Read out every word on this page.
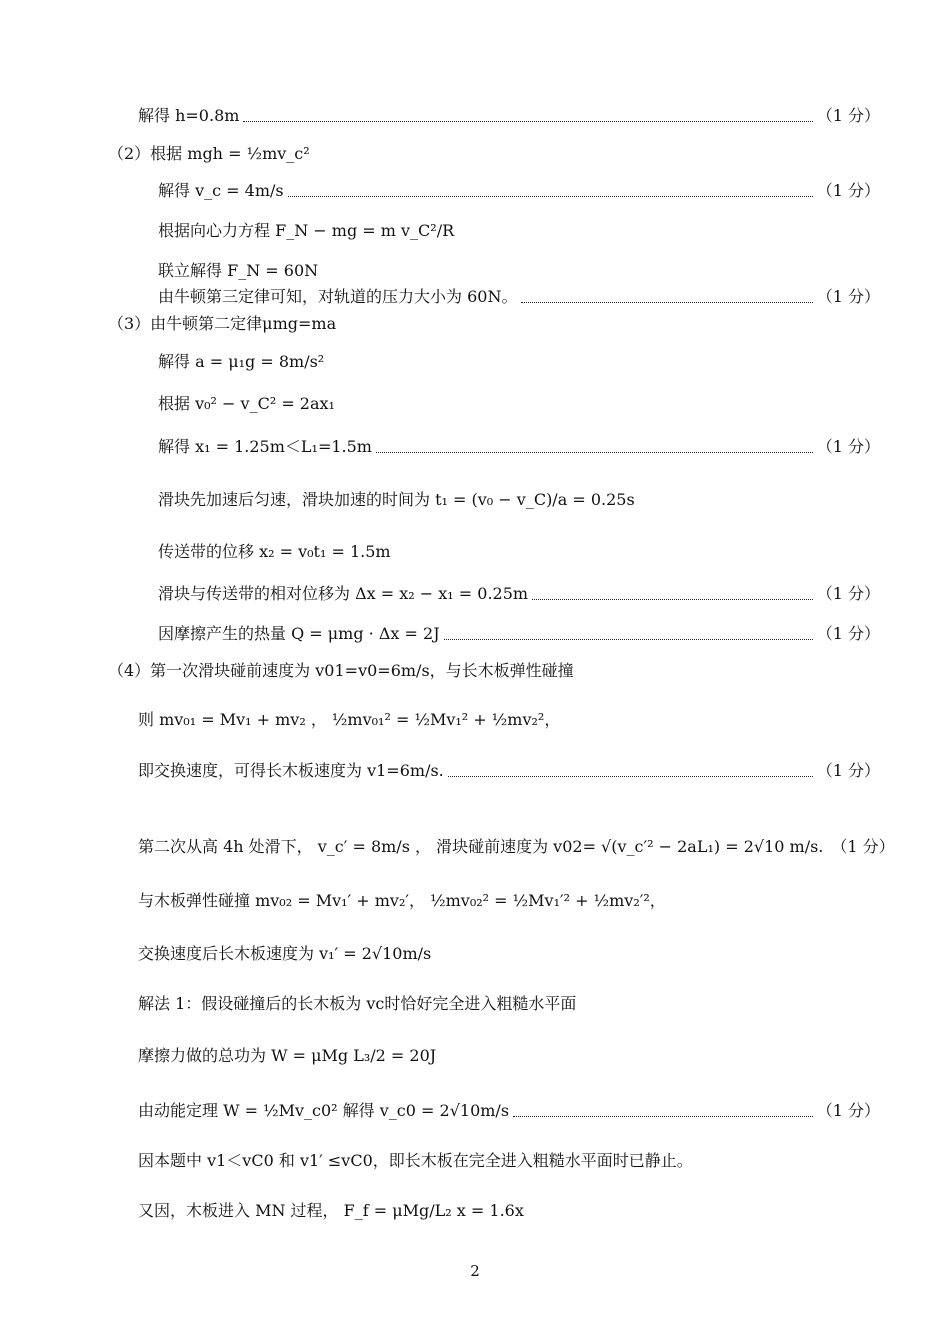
解得 h=0.8m	（1 分）
（2）根据 mgh = ½mv_c²
解得 v_c = 4m/s	（1 分）
根据向心力方程 F_N − mg = m v_C²/R
联立解得 F_N = 60N
由牛顿第三定律可知，对轨道的压力大小为 60N。	（1 分）
（3）由牛顿第二定律μmg=ma
解得 a = μ₁g = 8m/s²
根据 v₀² − v_C² = 2ax₁
解得 x₁ = 1.25m＜L₁=1.5m	（1 分）
滑块先加速后匀速，滑块加速的时间为 t₁ = (v₀ − v_C)/a = 0.25s
传送带的位移 x₂ = v₀t₁ = 1.5m
滑块与传送带的相对位移为 Δx = x₂ − x₁ = 0.25m	（1 分）
因摩擦产生的热量 Q = μmg · Δx = 2J	（1 分）
（4）第一次滑块碰前速度为 v01=v0=6m/s，与长木板弹性碰撞
则 mv₀₁ = Mv₁ + mv₂ ， ½mv₀₁² = ½Mv₁² + ½mv₂²，
即交换速度，可得长木板速度为 v1=6m/s.	（1 分）
第二次从高 4h 处滑下， v_c′ = 8m/s ， 滑块碰前速度为 v02= √(v_c′² − 2aL₁) = 2√10 m/s. （1 分）
与木板弹性碰撞 mv₀₂ = Mv₁′ + mv₂′， ½mv₀₂² = ½Mv₁′² + ½mv₂′²，
交换速度后长木板速度为 v₁′ = 2√10m/s
解法 1：假设碰撞后的长木板为 vc时恰好完全进入粗糙水平面
摩擦力做的总功为 W = μMg L₃/2 = 20J
由动能定理 W = ½Mv_c0² 解得 v_c0 = 2√10m/s	（1 分）
因本题中 v1＜vC0 和 v1′ ≤vC0，即长木板在完全进入粗糙水平面时已静止。
又因，木板进入 MN 过程， F_f = μMg/L₂ x = 1.6x
2
